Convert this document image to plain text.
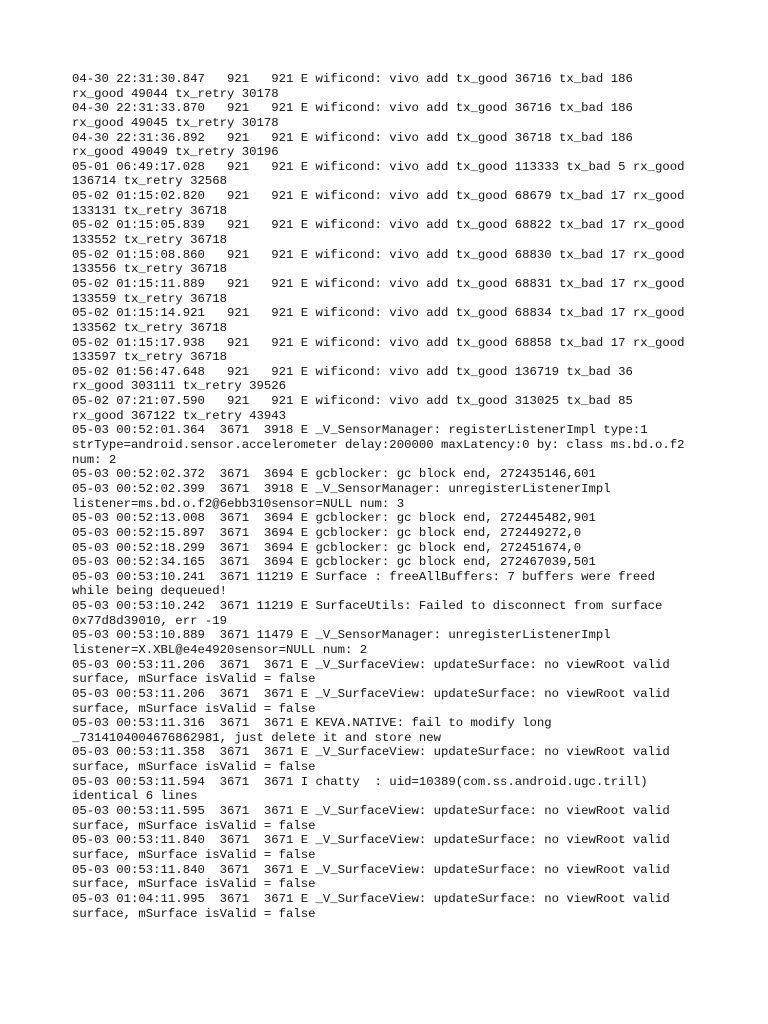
04-30 22:31:30.847   921   921 E wificond: vivo add tx_good 36716 tx_bad 186
rx_good 49044 tx_retry 30178
04-30 22:31:33.870   921   921 E wificond: vivo add tx_good 36716 tx_bad 186
rx_good 49045 tx_retry 30178
04-30 22:31:36.892   921   921 E wificond: vivo add tx_good 36718 tx_bad 186
rx_good 49049 tx_retry 30196
05-01 06:49:17.028   921   921 E wificond: vivo add tx_good 113333 tx_bad 5 rx_good
136714 tx_retry 32568
05-02 01:15:02.820   921   921 E wificond: vivo add tx_good 68679 tx_bad 17 rx_good
133131 tx_retry 36718
05-02 01:15:05.839   921   921 E wificond: vivo add tx_good 68822 tx_bad 17 rx_good
133552 tx_retry 36718
05-02 01:15:08.860   921   921 E wificond: vivo add tx_good 68830 tx_bad 17 rx_good
133556 tx_retry 36718
05-02 01:15:11.889   921   921 E wificond: vivo add tx_good 68831 tx_bad 17 rx_good
133559 tx_retry 36718
05-02 01:15:14.921   921   921 E wificond: vivo add tx_good 68834 tx_bad 17 rx_good
133562 tx_retry 36718
05-02 01:15:17.938   921   921 E wificond: vivo add tx_good 68858 tx_bad 17 rx_good
133597 tx_retry 36718
05-02 01:56:47.648   921   921 E wificond: vivo add tx_good 136719 tx_bad 36
rx_good 303111 tx_retry 39526
05-02 07:21:07.590   921   921 E wificond: vivo add tx_good 313025 tx_bad 85
rx_good 367122 tx_retry 43943
05-03 00:52:01.364  3671  3918 E _V_SensorManager: registerListenerImpl type:1
strType=android.sensor.accelerometer delay:200000 maxLatency:0 by: class ms.bd.o.f2
num: 2
05-03 00:52:02.372  3671  3694 E gcblocker: gc block end, 272435146,601
05-03 00:52:02.399  3671  3918 E _V_SensorManager: unregisterListenerImpl
listener=ms.bd.o.f2@6ebb310sensor=NULL num: 3
05-03 00:52:13.008  3671  3694 E gcblocker: gc block end, 272445482,901
05-03 00:52:15.897  3671  3694 E gcblocker: gc block end, 272449272,0
05-03 00:52:18.299  3671  3694 E gcblocker: gc block end, 272451674,0
05-03 00:52:34.165  3671  3694 E gcblocker: gc block end, 272467039,501
05-03 00:53:10.241  3671 11219 E Surface : freeAllBuffers: 7 buffers were freed
while being dequeued!
05-03 00:53:10.242  3671 11219 E SurfaceUtils: Failed to disconnect from surface
0x77d8d39010, err -19
05-03 00:53:10.889  3671 11479 E _V_SensorManager: unregisterListenerImpl
listener=X.XBL@e4e4920sensor=NULL num: 2
05-03 00:53:11.206  3671  3671 E _V_SurfaceView: updateSurface: no viewRoot valid
surface, mSurface isValid = false
05-03 00:53:11.206  3671  3671 E _V_SurfaceView: updateSurface: no viewRoot valid
surface, mSurface isValid = false
05-03 00:53:11.316  3671  3671 E KEVA.NATIVE: fail to modify long
_7314104004676862981, just delete it and store new
05-03 00:53:11.358  3671  3671 E _V_SurfaceView: updateSurface: no viewRoot valid
surface, mSurface isValid = false
05-03 00:53:11.594  3671  3671 I chatty  : uid=10389(com.ss.android.ugc.trill)
identical 6 lines
05-03 00:53:11.595  3671  3671 E _V_SurfaceView: updateSurface: no viewRoot valid
surface, mSurface isValid = false
05-03 00:53:11.840  3671  3671 E _V_SurfaceView: updateSurface: no viewRoot valid
surface, mSurface isValid = false
05-03 00:53:11.840  3671  3671 E _V_SurfaceView: updateSurface: no viewRoot valid
surface, mSurface isValid = false
05-03 01:04:11.995  3671  3671 E _V_SurfaceView: updateSurface: no viewRoot valid
surface, mSurface isValid = false
